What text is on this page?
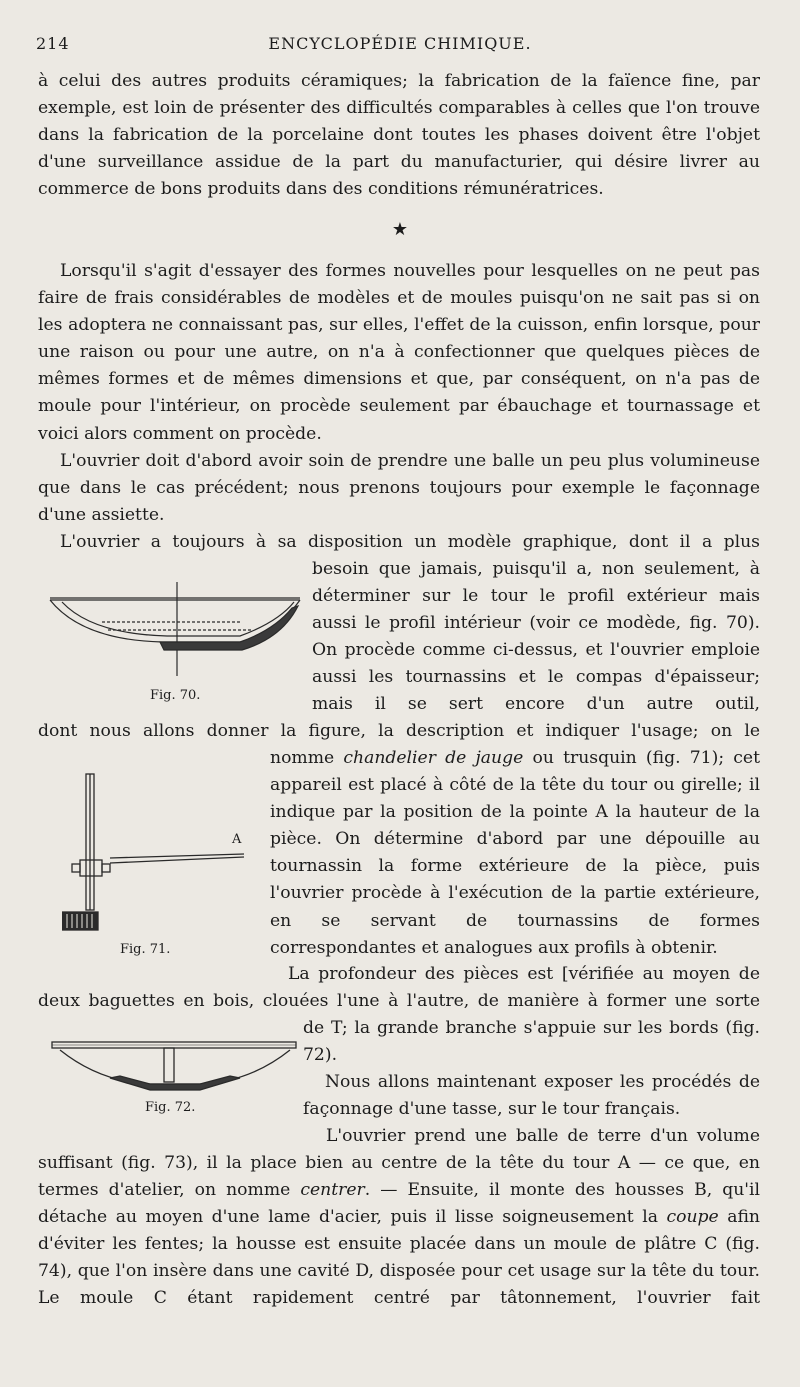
214	ENCYCLOPÉDIE CHIMIQUE.
à celui des autres produits céramiques; la fabrication de la faïence fine, par exemple, est loin de présenter des difficultés comparables à celles que l'on trouve dans la fabrication de la porcelaine dont toutes les phases doivent être l'objet d'une surveillance assidue de la part du manufacturier, qui désire livrer au commerce de bons produits dans des conditions rémunératrices.
★
Lorsqu'il s'agit d'essayer des formes nouvelles pour lesquelles on ne peut pas faire de frais considérables de modèles et de moules puisqu'on ne sait pas si on les adoptera ne connaissant pas, sur elles, l'effet de la cuisson, enfin lorsque, pour une raison ou pour une autre, on n'a à confectionner que quelques pièces de mêmes formes et de mêmes dimensions et que, par conséquent, on n'a pas de moule pour l'intérieur, on procède seulement par ébauchage et tournassage et voici alors comment on procède.
L'ouvrier doit d'abord avoir soin de prendre une balle un peu plus volumineuse que dans le cas précédent; nous prenons toujours pour exemple le façonnage d'une assiette.
L'ouvrier a toujours à sa disposition un modèle graphique, dont il a plus
besoin que jamais, puisqu'il a, non seulement, à déterminer sur le tour le profil extérieur mais aussi le profil intérieur (voir ce modède, fig. 70). On procède comme ci-dessus, et l'ouvrier emploie aussi les tournassins et le compas d'épaisseur; mais il se sert encore d'un autre outil,
dont nous allons donner la figure, la description et indiquer l'usage; on le
nomme chandelier de jauge ou trusquin (fig. 71); cet appareil est placé à côté de la tête du tour ou girelle; il indique par la position de la pointe A la hauteur de la pièce. On détermine d'abord par une dépouille au tournassin la forme extérieure de la pièce, puis l'ouvrier procède à l'exécution de la partie extérieure, en se servant de tournassins de formes correspondantes et analogues aux profils à obtenir.
La profondeur des pièces est [vérifiée au moyen de
deux baguettes en bois, clouées l'une à l'autre, de manière à former une sorte
de T; la grande branche s'appuie sur les bords (fig. 72).
Nous allons maintenant exposer les procédés de façonnage d'une tasse, sur le tour français.
L'ouvrier prend une balle de terre d'un volume
suffisant (fig. 73), il la place bien au centre de la tête du tour A — ce que, en termes d'atelier, on nomme centrer. — Ensuite, il monte des housses B, qu'il détache au moyen d'une lame d'acier, puis il lisse soigneusement la coupe afin d'éviter les fentes; la housse est ensuite placée dans un moule de plâtre C (fig. 74), que l'on insère dans une cavité D, disposée pour cet usage sur la tête du tour. Le moule C étant rapidement centré par tâtonnement, l'ouvrier fait
Fig. 70.
A
Fig. 71.
Fig. 72.
